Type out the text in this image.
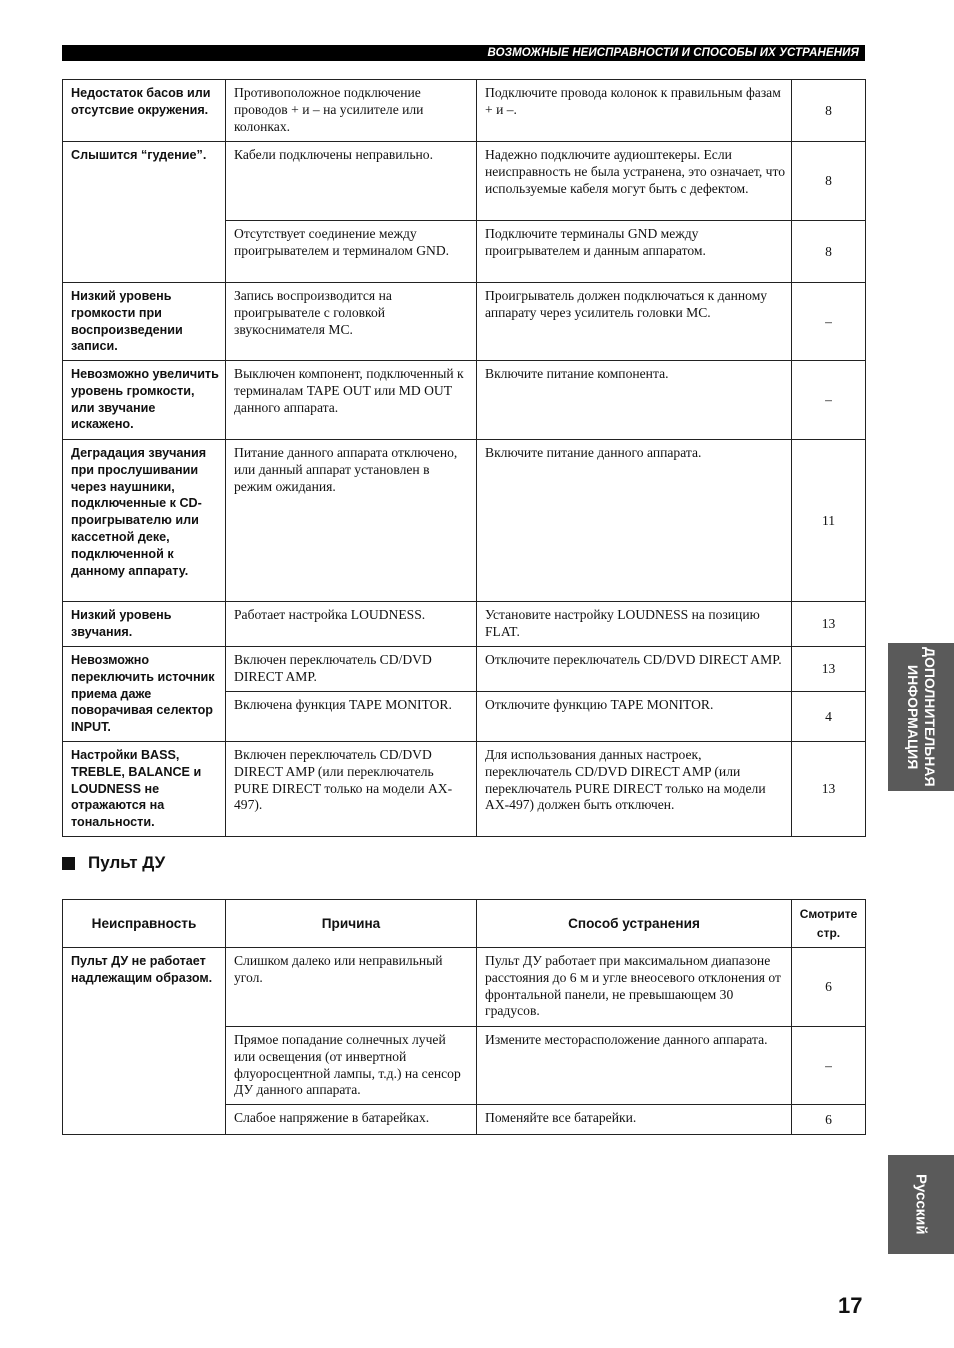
ВОЗМОЖНЫЕ НЕИСПРАВНОСТИ И СПОСОБЫ ИХ УСТРАНЕНИЯ
Недостаток басов или отсутсвие окружения.	Противоположное подключение проводов + и – на усилителе или колонках.	Подключите провода колонок к правильным фазам + и –.	8
Слышится “гудение”.	Кабели подключены неправильно.	Надежно подключите аудиоштекеры. Если неисправность не была устранена, это означает, что используемые кабеля могут быть с дефектом.	8
	Отсутствует соединение между проигрывателем и терминалом GND.	Подключите терминалы GND между проигрывателем и данным аппаратом.	8
Низкий уровень громкости при воспроизведении записи.	Запись воспроизводится на проигрывателе с головкой звукоснимателя MC.	Проигрыватель должен подключаться к данному аппарату через усилитель головки MC.	–
Невозможно увеличить уровень громкости, или звучание искажено.	Выключен компонент, подключенный к терминалам TAPE OUT или MD OUT данного аппарата.	Включите питание компонента.	–
Деградация звучания при прослушивании через наушники, подключенные к CD-проигрывателю или кассетной деке, подключенной к данному аппарату.	Питание данного аппарата отключено, или данный аппарат установлен в режим ожидания.	Включите питание данного аппарата.	11
Низкий уровень звучания.	Работает настройка LOUDNESS.	Установите настройку LOUDNESS на позицию FLAT.	13
Невозможно переключить источник приема даже поворачивая селектор INPUT.	Включен переключатель CD/DVD DIRECT AMP.	Отключите переключатель CD/DVD DIRECT AMP.	13
	Включена функция TAPE MONITOR.	Отключите функцию TAPE MONITOR.	4
Настройки BASS, TREBLE, BALANCE и LOUDNESS не отражаются на тональности.	Включен переключатель CD/DVD DIRECT AMP (или переключатель PURE DIRECT только на модели AX-497).	Для использования данных настроек, переключатель CD/DVD DIRECT AMP (или переключатель PURE DIRECT только на модели AX-497) должен быть отключен.	13
Пульт ДУ
Неисправность	Причина	Способ устранения	Смотрите
стр.
Пульт ДУ не работает надлежащим образом.	Слишком далеко или неправильный угол.	Пульт ДУ работает при максимальном диапазоне расстояния до 6 м и угле внеосевого отклонения от фронтальной панели, не превышающем 30 градусов.	6
	Прямое попадание солнечных лучей или освещения (от инвертной флуоросцентной лампы, т.д.) на сенсор ДУ данного аппарата.	Измените месторасположение данного аппарата.	–
	Слабое напряжение в батарейках.	Поменяйте все батарейки.	6
ДОПОЛНИТЕЛЬНАЯ
ИНФОРМАЦИЯ
Русский
17
